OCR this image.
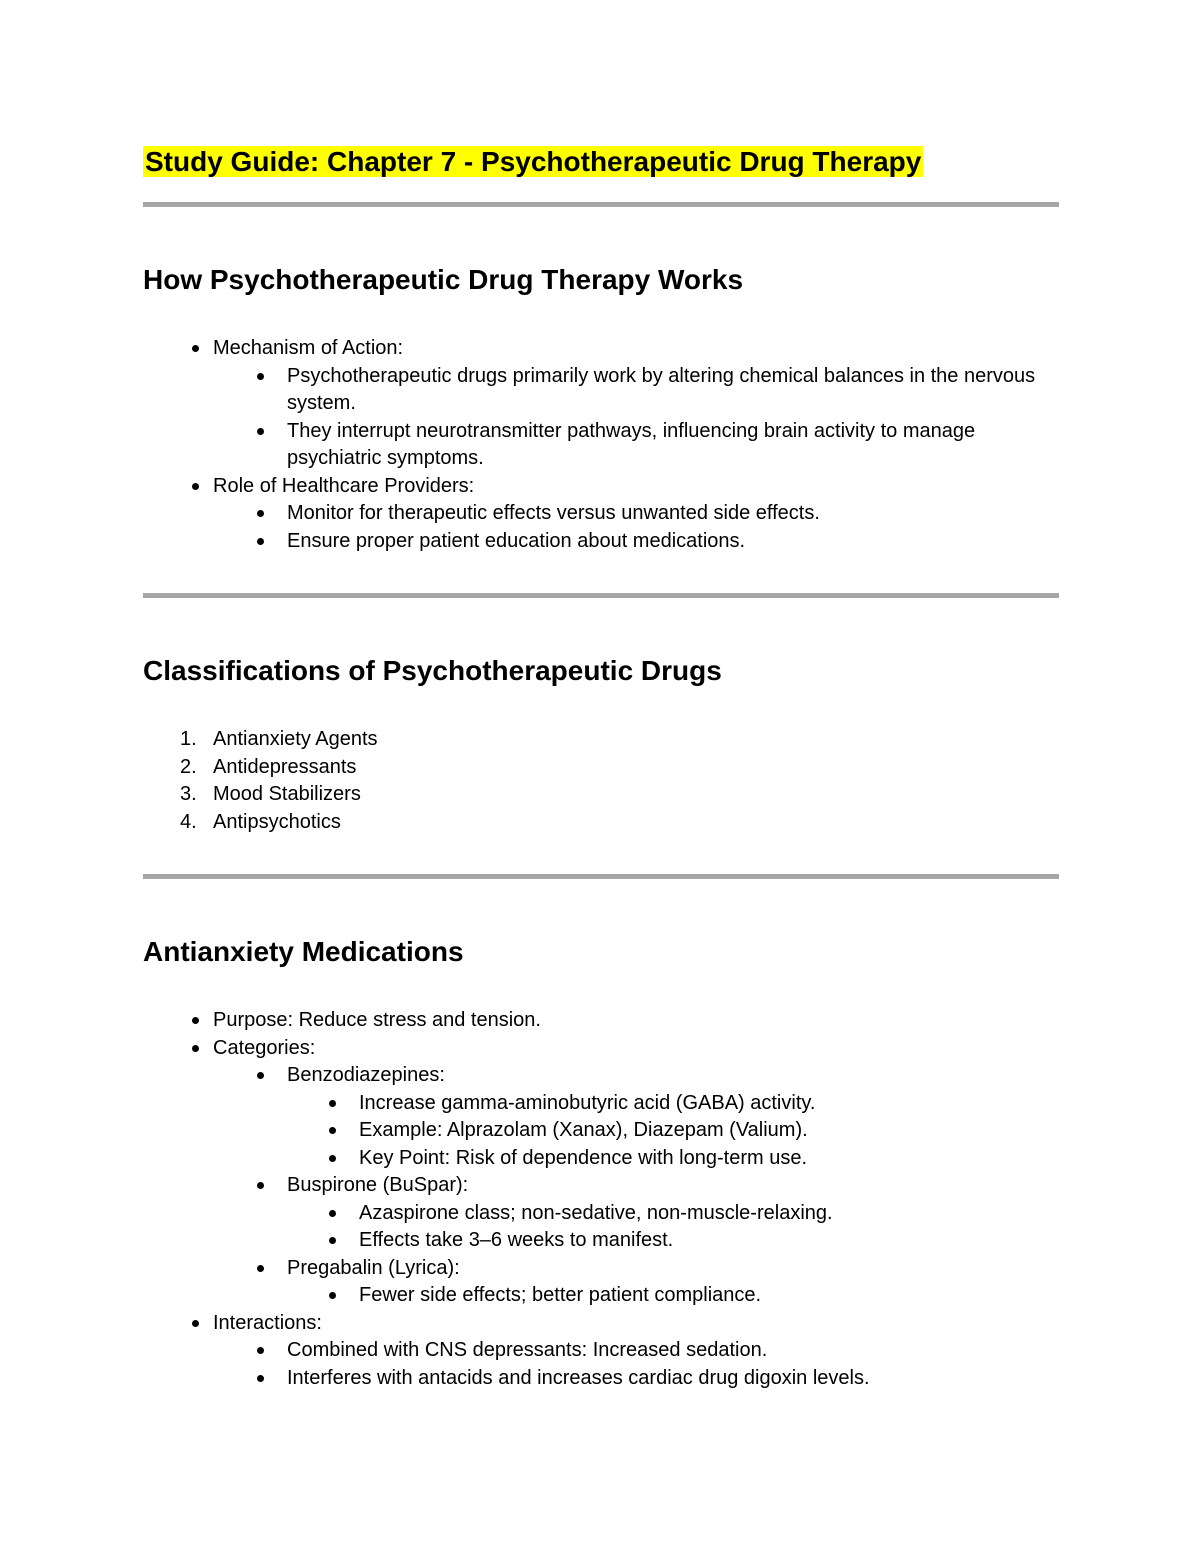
Study Guide: Chapter 7 - Psychotherapeutic Drug Therapy

How Psychotherapeutic Drug Therapy Works
Mechanism of Action:
Psychotherapeutic drugs primarily work by altering chemical balances in the nervous system.
They interrupt neurotransmitter pathways, influencing brain activity to manage psychiatric symptoms.
Role of Healthcare Providers:
Monitor for therapeutic effects versus unwanted side effects.
Ensure proper patient education about medications.
Classifications of Psychotherapeutic Drugs
Antianxiety Agents
Antidepressants
Mood Stabilizers
Antipsychotics
Antianxiety Medications
Purpose: Reduce stress and tension.
Categories:
Benzodiazepines:
Increase gamma-aminobutyric acid (GABA) activity.
Example: Alprazolam (Xanax), Diazepam (Valium).
Key Point: Risk of dependence with long-term use.
Buspirone (BuSpar):
Azaspirone class; non-sedative, non-muscle-relaxing.
Effects take 3–6 weeks to manifest.
Pregabalin (Lyrica):
Fewer side effects; better patient compliance.
Interactions:
Combined with CNS depressants: Increased sedation.
Interferes with antacids and increases cardiac drug digoxin levels.
